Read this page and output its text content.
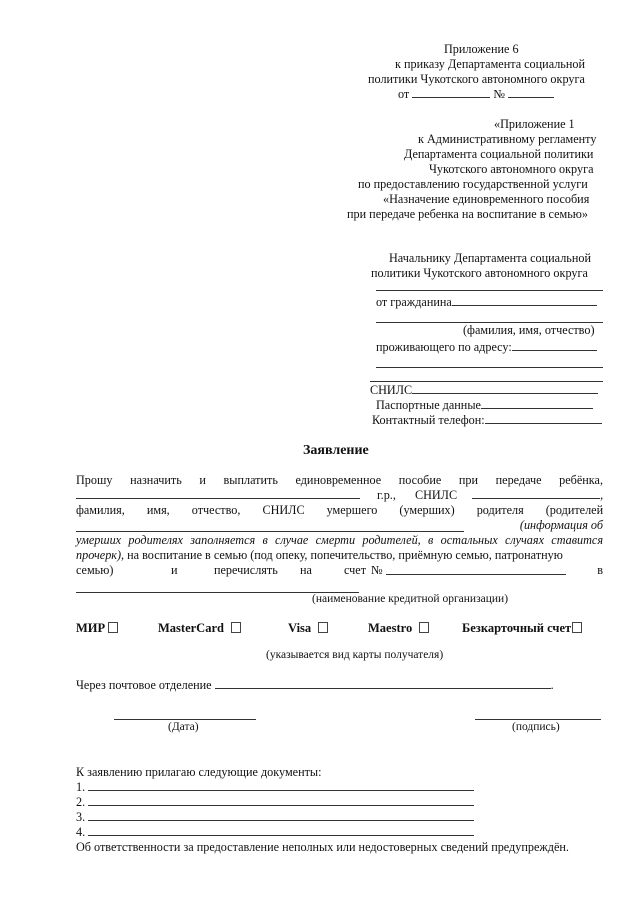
Приложение 6
к приказу Департамента социальной
политики Чукотского автономного округа
от	№
«Приложение 1
к Административному регламенту
Департамента социальной политики
Чукотского автономного округа
по предоставлению государственной услуги
«Назначение единовременного пособия
при передаче ребенка на воспитание в семью»
Начальнику Департамента социальной
политики Чукотского автономного округа
от гражданина
(фамилия, имя, отчество)
проживающего по адресу:
СНИЛС
Паспортные данные
Контактный телефон:
Заявление
Прошу назначить и выплатить единовременное пособие при передаче ребёнка,
г.р., СНИЛС	,
фамилия, имя, отчество, СНИЛС умершего (умерших) родителя (родителей
(информация об
умерших родителях заполняется в случае смерти родителей, в остальных случаях ставится
прочерк), на воспитание в семью (под опеку, попечительство, приёмную семью, патронатную
семью)	и	перечислять на	счет №	в
(наименование кредитной организации)
МИР	MasterCard	Visa	Maestro	Безкарточный счет
(указывается вид карты получателя)
Через почтовое отделение	.
(Дата)	(подпись)
К заявлению прилагаю следующие документы:
1.
2.
3.
4.
Об ответственности за предоставление неполных или недостоверных сведений предупреждён.
